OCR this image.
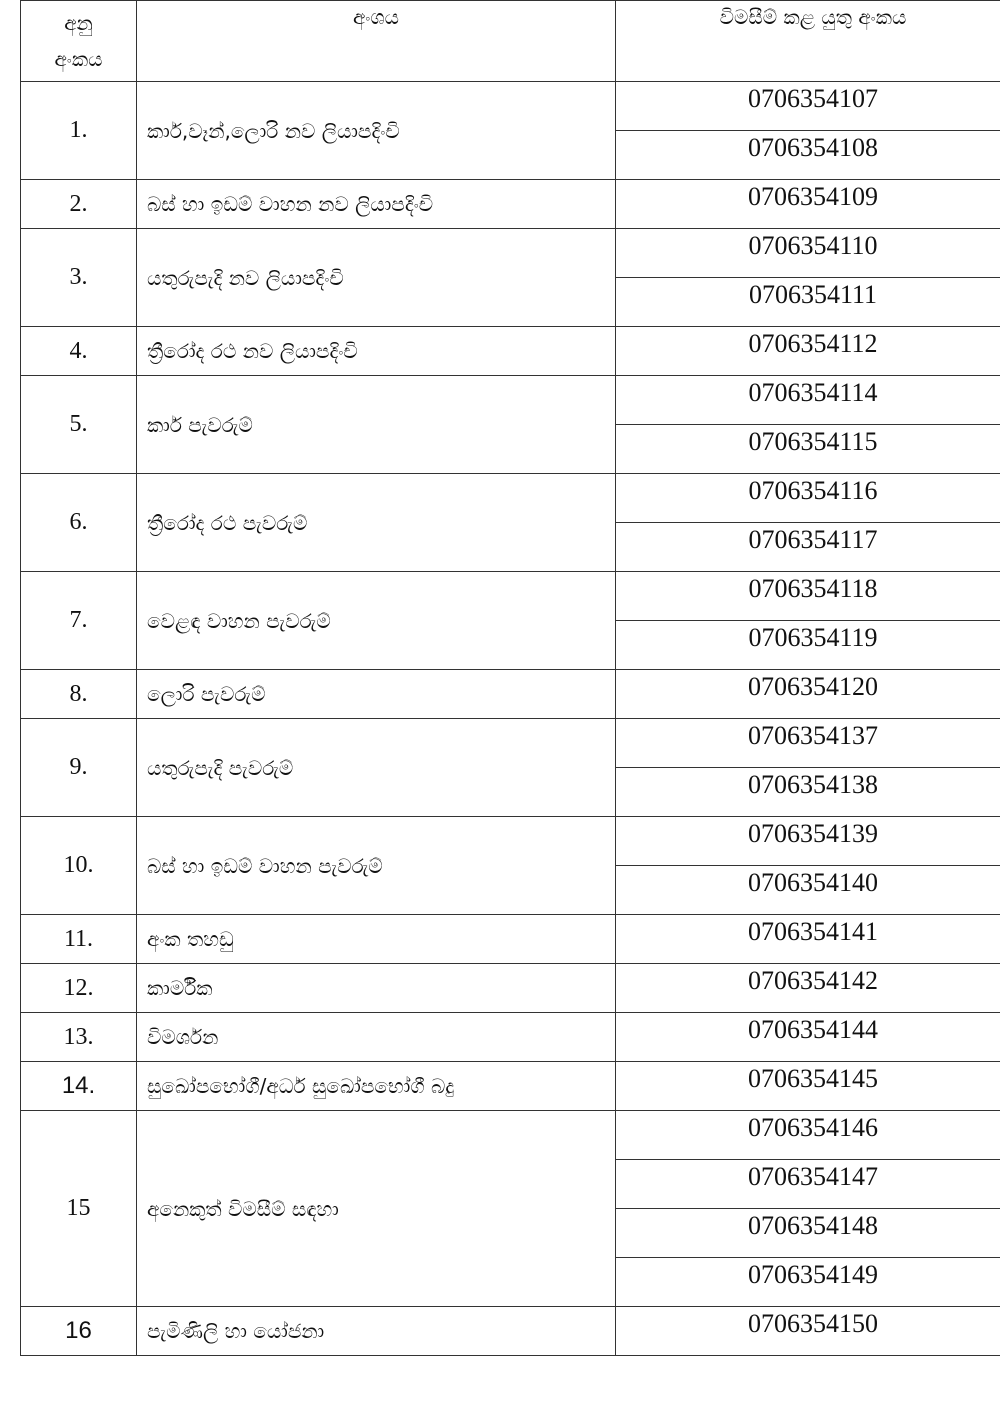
අනු
අංකය	අංශය	විමසීම් කළ යුතු අංකය
1.	කාර්,වෑන්,ලොරි නව ලියාපදිංචි	0706354107
		0706354108
2.	බස් හා ඉඩම් වාහන නව ලියාපදිංචි	0706354109
3.	යතුරුපැදි නව ලියාපදිංචි	0706354110
		0706354111
4.	ත්‍රීරෝද රථ නව ලියාපදිංචි	0706354112
5.	කාර් පැවරුම්	0706354114
		0706354115
6.	ත්‍රීරෝද රථ පැවරුම්	0706354116
		0706354117
7.	වෙළඳ වාහන පැවරුම්	0706354118
		0706354119
8.	ලොරි පැවරුම්	0706354120
9.	යතුරුපැදි පැවරුම්	0706354137
		0706354138
10.	බස් හා ඉඩම් වාහන පැවරුම්	0706354139
		0706354140
11.	අංක තහඩු	0706354141
12.	කාර්මික	0706354142
13.	විමර්ශන	0706354144
14.	සුඛෝපභෝගී/අර්ධ සුඛෝපභෝගී බදු	0706354145
15	අනෙකුත් විමසීම් සඳහා	0706354146
		0706354147
		0706354148
		0706354149
16	පැමිණිලි හා යෝජනා	0706354150
